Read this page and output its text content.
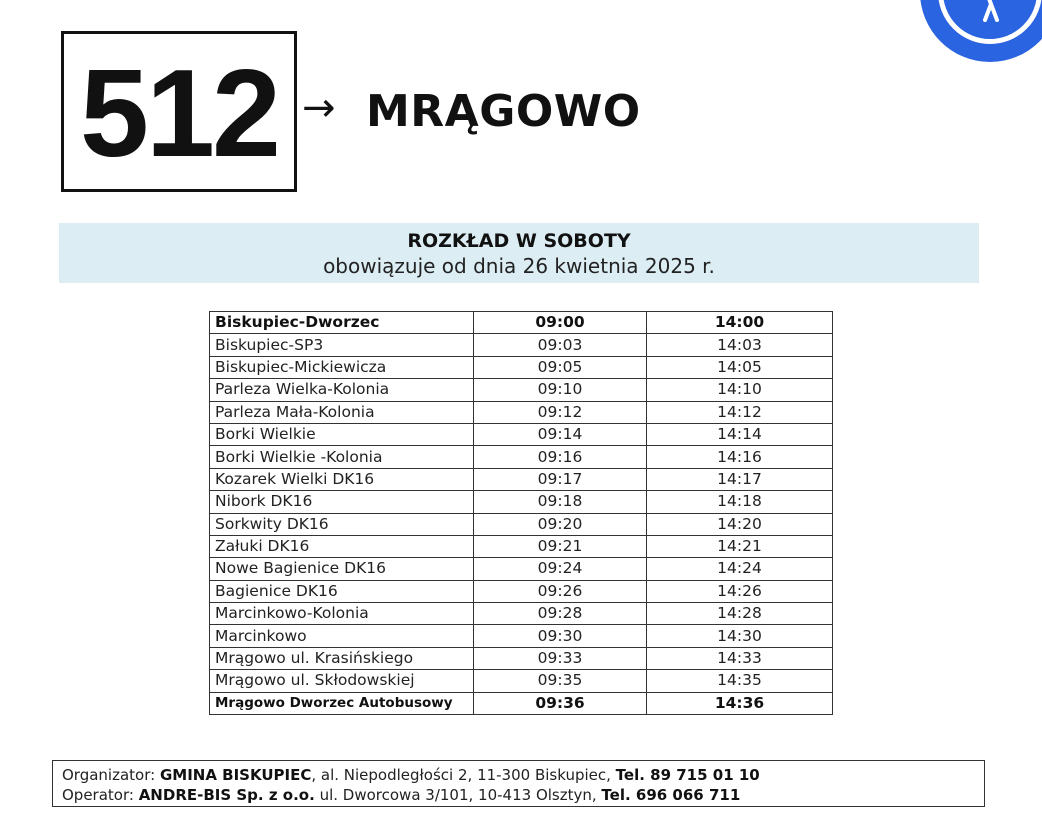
512 → MRĄGOWO
ROZKŁAD W SOBOTY
obowiązuje od dnia 26 kwietnia 2025 r.
Biskupiec-Dworzec	09:00	14:00
Biskupiec-SP3	09:03	14:03
Biskupiec-Mickiewicza	09:05	14:05
Parleza Wielka-Kolonia	09:10	14:10
Parleza Mała-Kolonia	09:12	14:12
Borki Wielkie	09:14	14:14
Borki Wielkie -Kolonia	09:16	14:16
Kozarek Wielki DK16	09:17	14:17
Nibork DK16	09:18	14:18
Sorkwity DK16	09:20	14:20
Załuki DK16	09:21	14:21
Nowe Bagienice DK16	09:24	14:24
Bagienice DK16	09:26	14:26
Marcinkowo-Kolonia	09:28	14:28
Marcinkowo	09:30	14:30
Mrągowo ul. Krasińskiego	09:33	14:33
Mrągowo ul. Skłodowskiej	09:35	14:35
Mrągowo Dworzec Autobusowy	09:36	14:36
Organizator: GMINA BISKUPIEC, al. Niepodległości 2, 11-300 Biskupiec, Tel. 89 715 01 10
Operator: ANDRE-BIS Sp. z o.o. ul. Dworcowa 3/101, 10-413 Olsztyn, Tel. 696 066 711
